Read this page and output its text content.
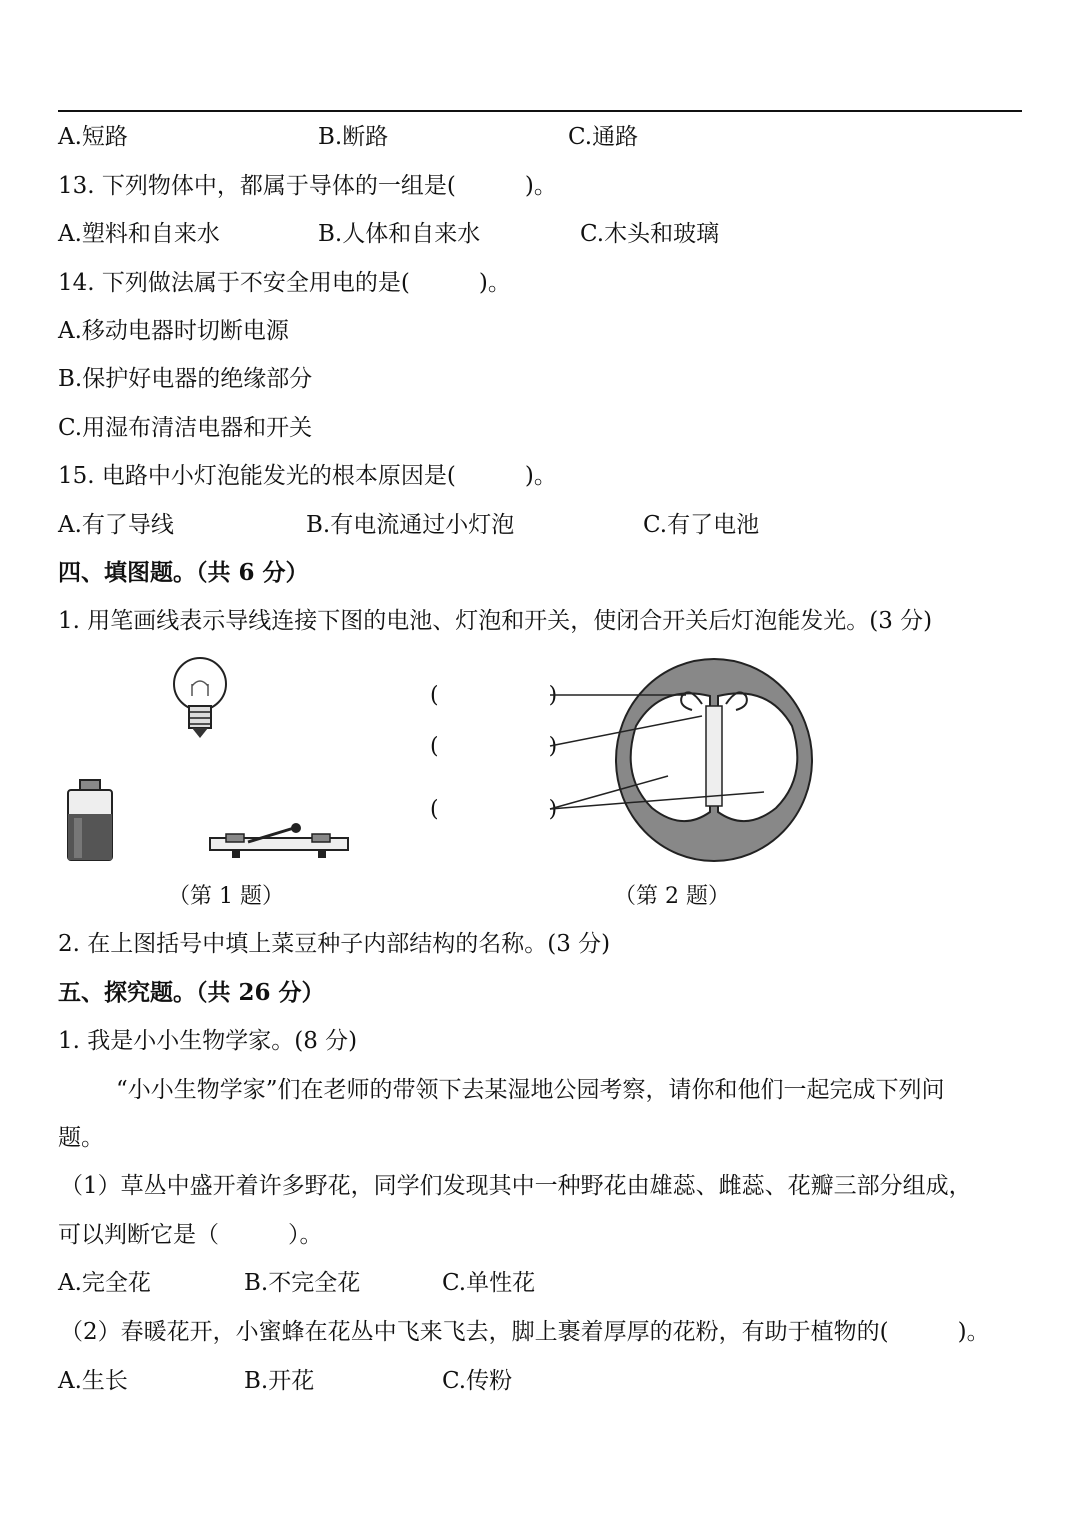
A.短路	B.断路	C.通路
13. 下列物体中，都属于导体的一组是(　　　)。
A.塑料和自来水	B.人体和自来水	C.木头和玻璃
14. 下列做法属于不安全用电的是(　　　)。
A.移动电器时切断电源
B.保护好电器的绝缘部分
C.用湿布清洁电器和开关
15. 电路中小灯泡能发光的根本原因是(　　　)。
A.有了导线	B.有电流通过小灯泡	C.有了电池
四、填图题。（共 6 分）
1. 用笔画线表示导线连接下图的电池、灯泡和开关，使闭合开关后灯泡能发光。(3 分)
（第 1 题）
(　　　　　)
(　　　　　)
(　　　　　)
（第 2 题）
2. 在上图括号中填上菜豆种子内部结构的名称。(3 分)
五、探究题。（共 26 分）
1. 我是小小生物学家。(8 分)
“小小生物学家”们在老师的带领下去某湿地公园考察，请你和他们一起完成下列问
题。
（1）草丛中盛开着许多野花，同学们发现其中一种野花由雄蕊、雌蕊、花瓣三部分组成，
可以判断它是（　　　）。
A.完全花	B.不完全花	C.单性花
（2）春暖花开，小蜜蜂在花丛中飞来飞去，脚上裹着厚厚的花粉，有助于植物的(　　　)。
A.生长	B.开花	C.传粉
